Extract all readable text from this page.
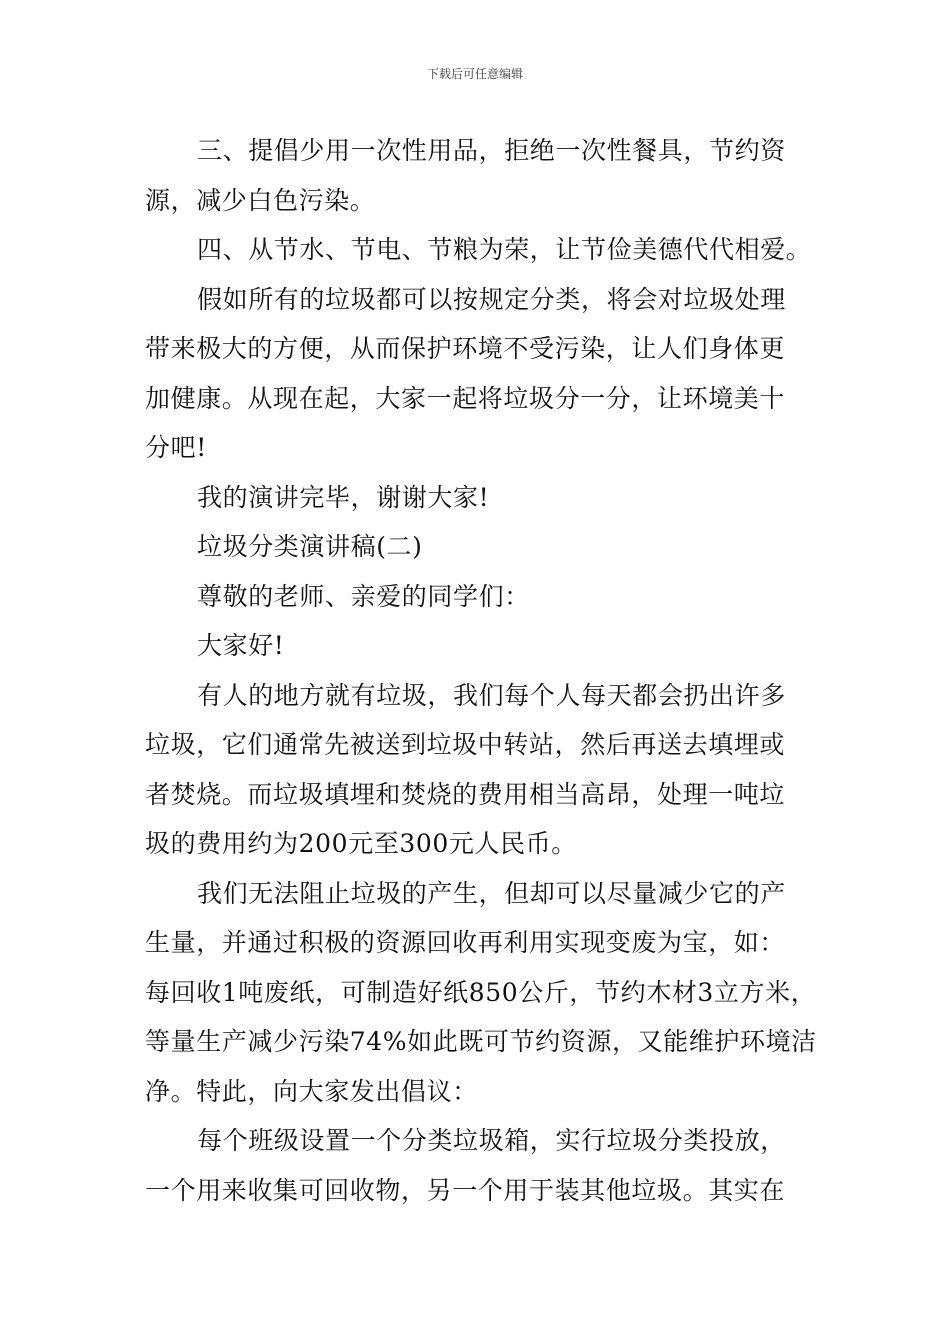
下载后可任意编辑

三、提倡少用一次性用品，拒绝一次性餐具，节约资

源，减少白色污染。

四、从节水、节电、节粮为荣，让节俭美德代代相爱。

假如所有的垃圾都可以按规定分类，将会对垃圾处理

带来极大的方便，从而保护环境不受污染，让人们身体更

加健康。从现在起，大家一起将垃圾分一分，让环境美十

分吧!

我的演讲完毕，谢谢大家!

垃圾分类演讲稿(二)

尊敬的老师、亲爱的同学们：

大家好!

有人的地方就有垃圾，我们每个人每天都会扔出许多

垃圾，它们通常先被送到垃圾中转站，然后再送去填埋或

者焚烧。而垃圾填埋和焚烧的费用相当高昂，处理一吨垃

圾的费用约为200元至300元人民币。

我们无法阻止垃圾的产生，但却可以尽量减少它的产

生量，并通过积极的资源回收再利用实现变废为宝，如：

每回收1吨废纸，可制造好纸850公斤，节约木材3立方米，

等量生产减少污染74%如此既可节约资源，又能维护环境洁

净。特此，向大家发出倡议：

每个班级设置一个分类垃圾箱，实行垃圾分类投放，

一个用来收集可回收物，另一个用于装其他垃圾。其实在
